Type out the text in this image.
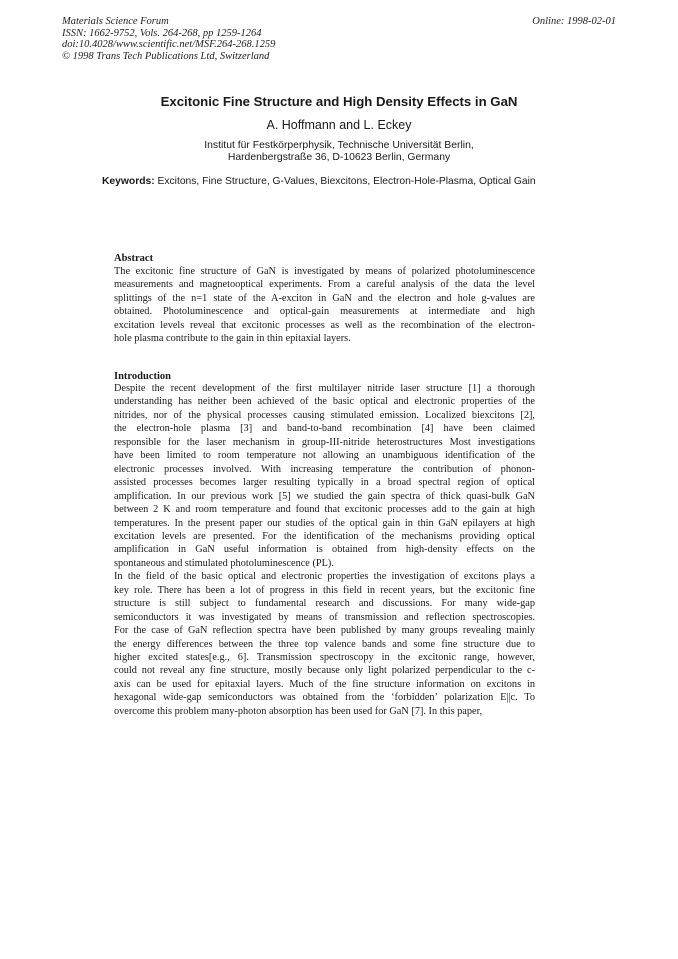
Materials Science Forum
ISSN: 1662-9752, Vols. 264-268, pp 1259-1264
doi:10.4028/www.scientific.net/MSF.264-268.1259
© 1998 Trans Tech Publications Ltd, Switzerland
Online: 1998-02-01
Excitonic Fine Structure and High Density Effects in GaN
A. Hoffmann and L. Eckey
Institut für Festkörperphysik, Technische Universität Berlin,
Hardenbergstraße 36, D-10623 Berlin, Germany
Keywords: Excitons, Fine Structure, G-Values, Biexcitons, Electron-Hole-Plasma, Optical Gain
Abstract
The excitonic fine structure of GaN is investigated by means of polarized photoluminescence
measurements and magnetooptical experiments. From a careful analysis of the data the level
splittings of the n=1 state of the A-exciton in GaN and the electron and hole g-values are
obtained. Photoluminescence and optical-gain measurements at intermediate and high
excitation levels reveal that excitonic processes as well as the recombination of the electron-
hole plasma contribute to the gain in thin epitaxial layers.
Introduction
Despite the recent development of the first multilayer nitride laser structure [1] a thorough
understanding has neither been achieved of the basic optical and electronic properties of the
nitrides, nor of the physical processes causing stimulated emission. Localized biexcitons [2],
the electron-hole plasma [3] and band-to-band recombination [4] have been claimed
responsible for the laser mechanism in group-III-nitride heterostructures Most investigations
have been limited to room temperature not allowing an unambiguous identification of the
electronic processes involved. With increasing temperature the contribution of phonon-
assisted processes becomes larger resulting typically in a broad spectral region of optical
amplification. In our previous work [5] we studied the gain spectra of thick quasi-bulk GaN
between 2 K and room temperature and found that excitonic processes add to the gain at high
temperatures. In the present paper our studies of the optical gain in thin GaN epilayers at high
excitation levels are presented. For the identification of the mechanisms providing optical
amplification in GaN useful information is obtained from high-density effects on the
spontaneous and stimulated photoluminescence (PL).
In the field of the basic optical and electronic properties the investigation of excitons plays a
key role. There has been a lot of progress in this field in recent years, but the excitonic fine
structure is still subject to fundamental research and discussions. For many wide-gap
semiconductors it was investigated by means of transmission and reflection spectroscopies.
For the case of GaN reflection spectra have been published by many groups revealing mainly
the energy differences between the three top valence bands and some fine structure due to
higher excited states[e.g., 6]. Transmission spectroscopy in the excitonic range, however,
could not reveal any fine structure, mostly because only light polarized perpendicular to the c-
axis can be used for epitaxial layers. Much of the fine structure information on excitons in
hexagonal wide-gap semiconductors was obtained from the ‘forbidden’ polarization E||c. To
overcome this problem many-photon absorption has been used for GaN [7]. In this paper,
